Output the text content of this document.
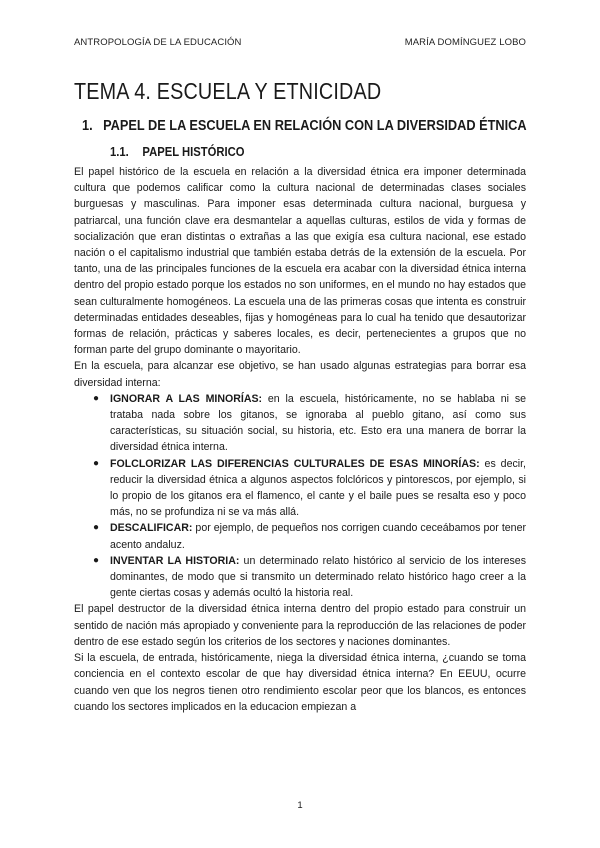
ANTROPOLOGÍA DE LA EDUCACIÓN	MARÍA DOMÍNGUEZ LOBO
TEMA 4. ESCUELA Y ETNICIDAD
1. PAPEL DE LA ESCUELA EN RELACIÓN CON LA DIVERSIDAD ÉTNICA
1.1. PAPEL HISTÓRICO

El papel histórico de la escuela en relación a la diversidad étnica era imponer determinada cultura que podemos calificar como la cultura nacional de determinadas clases sociales burguesas y masculinas. Para imponer esas determinada cultura nacional, burguesa y patriarcal, una función clave era desmantelar a aquellas culturas, estilos de vida y formas de socialización que eran distintas o extrañas a las que exigía esa cultura nacional, ese estado nación o el capitalismo industrial que también estaba detrás de la extensión de la escuela. Por tanto, una de las principales funciones de la escuela era acabar con la diversidad étnica interna dentro del propio estado porque los estados no son uniformes, en el mundo no hay estados que sean culturalmente homogéneos. La escuela una de las primeras cosas que intenta es construir determinadas entidades deseables, fijas y homogéneas para lo cual ha tenido que desautorizar formas de relación, prácticas y saberes locales, es decir, pertenecientes a grupos que no forman parte del grupo dominante o mayoritario.

En la escuela, para alcanzar ese objetivo, se han usado algunas estrategias para borrar esa diversidad interna:

● IGNORAR A LAS MINORÍAS: en la escuela, históricamente, no se hablaba ni se trataba nada sobre los gitanos, se ignoraba al pueblo gitano, así como sus características, su situación social, su historia, etc. Esto era una manera de borrar la diversidad étnica interna.
● FOLCLORIZAR LAS DIFERENCIAS CULTURALES DE ESAS MINORÍAS: es decir, reducir la diversidad étnica a algunos aspectos folclóricos y pintorescos, por ejemplo, si lo propio de los gitanos era el flamenco, el cante y el baile pues se resalta eso y poco más, no se profundiza ni se va más allá.
● DESCALIFICAR: por ejemplo, de pequeños nos corrigen cuando ceceábamos por tener acento andaluz.
● INVENTAR LA HISTORIA: un determinado relato histórico al servicio de los intereses dominantes, de modo que si transmito un determinado relato histórico hago creer a la gente ciertas cosas y además ocultó la historia real.

El papel destructor de la diversidad étnica interna dentro del propio estado para construir un sentido de nación más apropiado y conveniente para la reproducción de las relaciones de poder dentro de ese estado según los criterios de los sectores y naciones dominantes.

Si la escuela, de entrada, históricamente, niega la diversidad étnica interna, ¿cuando se toma conciencia en el contexto escolar de que hay diversidad étnica interna? En EEUU, ocurre cuando ven que los negros tienen otro rendimiento escolar peor que los blancos, es entonces cuando los sectores implicados en la educacion empiezan a

1
